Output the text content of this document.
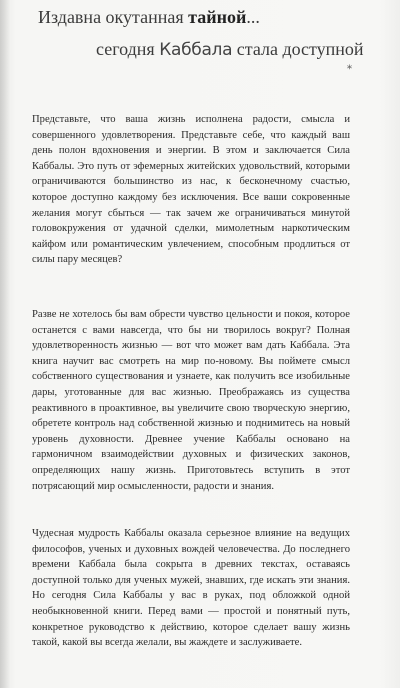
Издавна окутанная тайной...
сегодня Каббала стала доступной
*

Представьте, что ваша жизнь исполнена радости, смысла и совершенного удовлетворения. Представьте себе, что каждый ваш день полон вдохновения и энергии. В этом и заключается Сила Каббалы. Это путь от эфемерных житейских удовольствий, которыми ограничиваются большинство из нас, к бесконечному счастью, которое доступно каждому без исключения. Все ваши сокровенные желания могут сбыться — так зачем же ограничиваться минутой головокружения от удачной сделки, мимолетным наркотическим кайфом или романтическим увлечением, способным продлиться от силы пару месяцев?

Разве не хотелось бы вам обрести чувство цельности и покоя, которое останется с вами навсегда, что бы ни творилось вокруг? Полная удовлетворенность жизнью — вот что может вам дать Каббала. Эта книга научит вас смотреть на мир по-новому. Вы поймете смысл собственного существования и узнаете, как получить все изобильные дары, уготованные для вас жизнью. Преображаясь из существа реактивного в проактивное, вы увеличите свою творческую энергию, обретете контроль над собственной жизнью и поднимитесь на новый уровень духовности. Древнее учение Каббалы основано на гармоничном взаимодействии духовных и физических законов, определяющих нашу жизнь. Приготовьтесь вступить в этот потрясающий мир осмысленности, радости и знания.

Чудесная мудрость Каббалы оказала серьезное влияние на ведущих философов, ученых и духовных вождей человечества. До последнего времени Каббала была сокрыта в древних текстах, оставаясь доступной только для ученых мужей, знавших, где искать эти знания. Но сегодня Сила Каббалы у вас в руках, под обложкой одной необыкновенной книги. Перед вами — простой и понятный путь, конкретное руководство к действию, которое сделает вашу жизнь такой, какой вы всегда желали, вы жаждете и заслуживаете.
